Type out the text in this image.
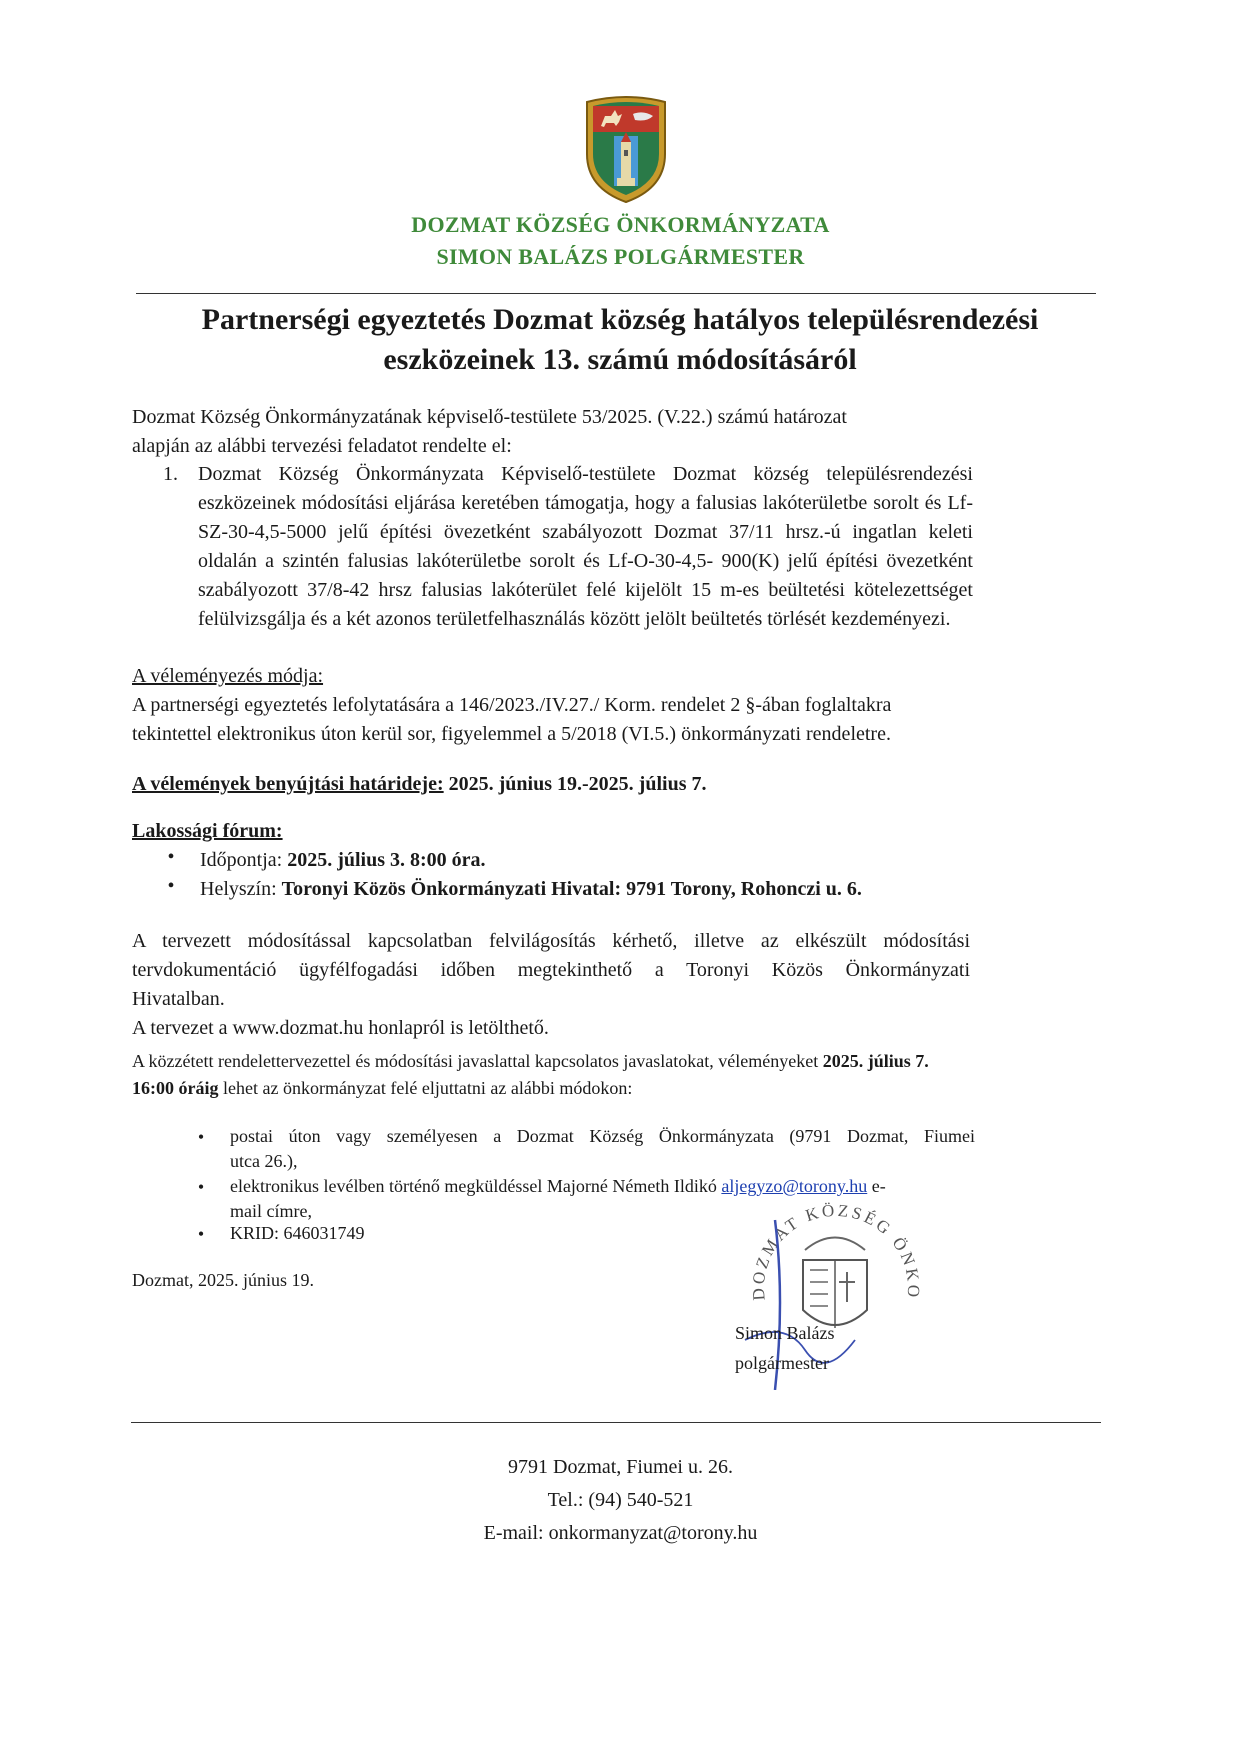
DOZMAT KÖZSÉG ÖNKORMÁNYZATA
SIMON BALÁZS POLGÁRMESTER
Partnerségi egyeztetés Dozmat község hatályos településrendezési
eszközeinek 13. számú módosításáról
Dozmat Község Önkormányzatának képviselő-testülete 53/2025. (V.22.) számú határozat
alapján az alábbi tervezési feladatot rendelte el:
1.	Dozmat Község Önkormányzata Képviselő-testülete Dozmat község településrendezési eszközeinek módosítási eljárása keretében támogatja, hogy a falusias lakóterületbe sorolt és Lf-SZ-30-4,5-5000 jelű építési övezetként szabályozott Dozmat 37/11 hrsz.-ú ingatlan keleti oldalán a szintén falusias lakóterületbe sorolt és Lf-O-30-4,5- 900(K) jelű építési övezetként szabályozott 37/8-42 hrsz falusias lakóterület felé kijelölt 15 m-es beültetési kötelezettséget felülvizsgálja és a két azonos területfelhasználás között jelölt beültetés törlését kezdeményezi.
A véleményezés módja:
A partnerségi egyeztetés lefolytatására a 146/2023./IV.27./ Korm. rendelet 2 §-ában foglaltakra
tekintettel elektronikus úton kerül sor, figyelemmel a 5/2018 (VI.5.) önkormányzati rendeletre.
A vélemények benyújtási határideje: 2025. június 19.-2025. július 7.
Lakossági fórum:
• Időpontja: 2025. július 3. 8:00 óra.
• Helyszín: Toronyi Közös Önkormányzati Hivatal: 9791 Torony, Rohonczi u. 6.
A tervezett módosítással kapcsolatban felvilágosítás kérhető, illetve az elkészült módosítási
tervdokumentáció ügyfélfogadási időben megtekinthető a Toronyi Közös Önkormányzati
Hivatalban.
A tervezet a www.dozmat.hu honlapról is letölthető.
A közzétett rendelettervezettel és módosítási javaslattal kapcsolatos javaslatokat, véleményeket 2025. július 7. 16:00 óráig lehet az önkormányzat felé eljuttatni az alábbi módokon:
• postai úton vagy személyesen a Dozmat Község Önkormányzata (9791 Dozmat, Fiumei
utca 26.),
• elektronikus levélben történő megküldéssel Majorné Németh Ildikó aljegyzo@torony.hu e-
mail címre,
• KRID: 646031749
Dozmat, 2025. június 19.
DOZMAT KÖZSÉG ÖNKO
Simon Balázs
polgármester
9791 Dozmat, Fiumei u. 26.
Tel.: (94) 540-521
E-mail: onkormanyzat@torony.hu
